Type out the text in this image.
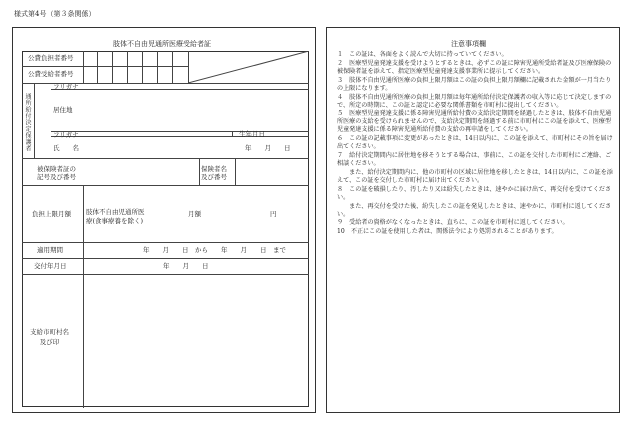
様式第4号（第３条関係）
肢体不自由児通所医療受給者証
公費負担者番号
公費受給者番号
通所給付決定保護者
フリガナ
居住地
フリガナ	生年月日
氏　　名	年　　月　　日
被保険者証の
記号及び番号
保険者名
及び番号
負担上限月額 肢体不自由児通所医
療(食事療養を除く)
月額	円
適用期間	年　　月　　日　から　　年　　月　　日　まで
交付年月日	年　　月　　日
支給市町村名
及び印
注意事項欄

１　この証は、各面をよく読んで大切に持っていてください。

２　医療型児童発達支援を受けようとするときは、必ずこの証に障害児通所受給者証及び医療保険の被保険者証を添えて、指定医療型児童発達支援事業所に提示してください。

３　肢体不自由児通所医療の負担上限月額はこの証の負担上限月額欄に記載された金額が一月当たりの上限になります。

４　肢体不自由児通所医療の負担上限月額は毎年通所給付決定保護者の収入等に応じて決定しますので、所定の時期に、この証と認定に必要な関係書類を市町村に提出してください。

５　医療型児童発達支援に係る障害児通所給付費の支給決定期間を経過したときは、肢体不自由児通所医療の支給を受けられませんので、支給決定期間を経過する前に市町村にこの証を添えて、医療型児童発達支援に係る障害児通所給付費の支給の再申請をしてください。

６　この証の記載事項に変更があったときは、14日以内に、この証を添えて、市町村にその旨を届け出てください。

７　給付決定期間内に居住地を移そうとする場合は、事前に、この証を交付した市町村にご連絡、ご相談ください。

　　また、給付決定期間内に、他の市町村の区域に居住地を移したときは、14日以内に、この証を添えて、この証を交付した市町村に届け出てください。

８　この証を破損したり、汚したり又は紛失したときは、速やかに届け出て、再交付を受けてください。

　　また、再交付を受けた後、紛失したこの証を発見したときは、速やかに、市町村に返してください。

９　受給者の資格がなくなったときは、直ちに、この証を市町村に返してください。

10　不正にこの証を使用した者は、関係法令により処罰されることがあります。
